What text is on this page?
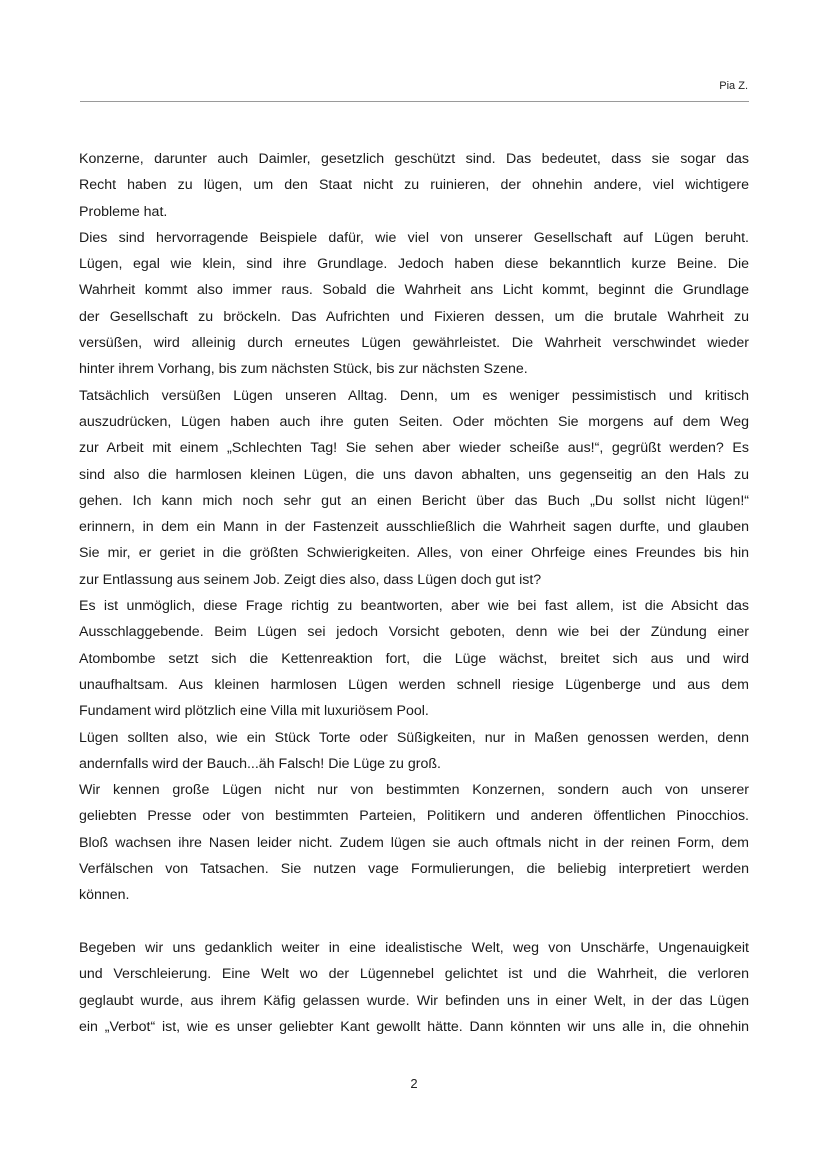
Pia Z.
Konzerne, darunter auch Daimler, gesetzlich geschützt sind. Das bedeutet, dass sie sogar das
Recht haben zu lügen, um den Staat nicht zu ruinieren, der ohnehin andere, viel wichtigere
Probleme hat.
Dies sind hervorragende Beispiele dafür, wie viel von unserer Gesellschaft auf Lügen beruht.
Lügen, egal wie klein, sind ihre Grundlage. Jedoch haben diese bekanntlich kurze Beine. Die
Wahrheit kommt also immer raus. Sobald die Wahrheit ans Licht kommt, beginnt die Grundlage
der Gesellschaft zu bröckeln. Das Aufrichten und Fixieren dessen, um die brutale Wahrheit zu
versüßen, wird alleinig durch erneutes Lügen gewährleistet. Die Wahrheit verschwindet wieder
hinter ihrem Vorhang, bis zum nächsten Stück, bis zur nächsten Szene.
Tatsächlich versüßen Lügen unseren Alltag. Denn, um es weniger pessimistisch und kritisch
auszudrücken, Lügen haben auch ihre guten Seiten. Oder möchten Sie morgens auf dem Weg
zur Arbeit mit einem „Schlechten Tag! Sie sehen aber wieder scheiße aus!“, gegrüßt werden? Es
sind also die harmlosen kleinen Lügen, die uns davon abhalten, uns gegenseitig an den Hals zu
gehen. Ich kann mich noch sehr gut an einen Bericht über das Buch „Du sollst nicht lügen!“
erinnern, in dem ein Mann in der Fastenzeit ausschließlich die Wahrheit sagen durfte, und glauben
Sie mir, er geriet in die größten Schwierigkeiten. Alles, von einer Ohrfeige eines Freundes bis hin
zur Entlassung aus seinem Job. Zeigt dies also, dass Lügen doch gut ist?
Es ist unmöglich, diese Frage richtig zu beantworten, aber wie bei fast allem, ist die Absicht das
Ausschlaggebende. Beim Lügen sei jedoch Vorsicht geboten, denn wie bei der Zündung einer
Atombombe setzt sich die Kettenreaktion fort, die Lüge wächst, breitet sich aus und wird
unaufhaltsam. Aus kleinen harmlosen Lügen werden schnell riesige Lügenberge und aus dem
Fundament wird plötzlich eine Villa mit luxuriösem Pool.
Lügen sollten also, wie ein Stück Torte oder Süßigkeiten, nur in Maßen genossen werden, denn
andernfalls wird der Bauch...äh Falsch! Die Lüge zu groß.
Wir kennen große Lügen nicht nur von bestimmten Konzernen, sondern auch von unserer
geliebten Presse oder von bestimmten Parteien, Politikern und anderen öffentlichen Pinocchios.
Bloß wachsen ihre Nasen leider nicht. Zudem lügen sie auch oftmals nicht in der reinen Form, dem
Verfälschen von Tatsachen. Sie nutzen vage Formulierungen, die beliebig interpretiert werden
können.
Begeben wir uns gedanklich weiter in eine idealistische Welt, weg von Unschärfe, Ungenauigkeit
und Verschleierung. Eine Welt wo der Lügennebel gelichtet ist und die Wahrheit, die verloren
geglaubt wurde, aus ihrem Käfig gelassen wurde. Wir befinden uns in einer Welt, in der das Lügen
ein „Verbot“ ist, wie es unser geliebter Kant gewollt hätte. Dann könnten wir uns alle in, die ohnehin
2
